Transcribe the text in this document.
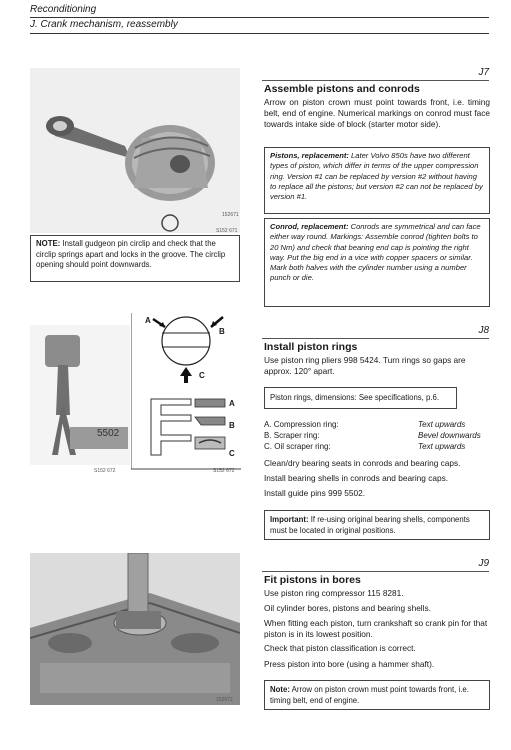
Reconditioning
J. Crank mechanism, reassembly
152671
S152 671
NOTE: Install gudgeon pin circlip and check that the circlip springs apart and locks in the groove. The circlip opening should point downwards.
5502
S152 672
A
B
C
A
B
C
S152 672
152672
J7
Assemble pistons and conrods
Arrow on piston crown must point towards front, i.e. timing belt, end of engine. Numerical markings on conrod must face towards intake side of block (starter motor side).
Pistons, replacement: Later Volvo 850s have two different types of piston, which differ in terms of the upper compression ring. Version #1 can be replaced by version #2 without having to replace all the pistons; but version #2 can not be replaced by version #1.
Conrod, replacement: Conrods are symmetrical and can face either way round. Markings: Assemble conrod (tighten bolts to 20 Nm) and check that bearing end cap is pointing the right way. Put the big end in a vice with copper spacers or similar. Mark both halves with the cylinder number using a number punch or die.
J8
Install piston rings
Use piston ring pliers 998 5424. Turn rings so gaps are approx. 120° apart.
Piston rings, dimensions: See specifications, p.6.
A. Compression ring:	Text upwards
B. Scraper ring:	Bevel downwards
C. Oil scraper ring:	Text upwards
Clean/dry bearing seats in conrods and bearing caps.
Install bearing shells in conrods and bearing caps.
Install guide pins 999 5502.
Important: If re-using original bearing shells, components must be located in original positions.
J9
Fit pistons in bores
Use piston ring compressor 115 8281.
Oil cylinder bores, pistons and bearing shells.
When fitting each piston, turn crankshaft so crank pin for that piston is in its lowest position.
Check that piston classification is correct.
Press piston into bore (using a hammer shaft).
Note: Arrow on piston crown must point towards front, i.e. timing belt, end of engine.
